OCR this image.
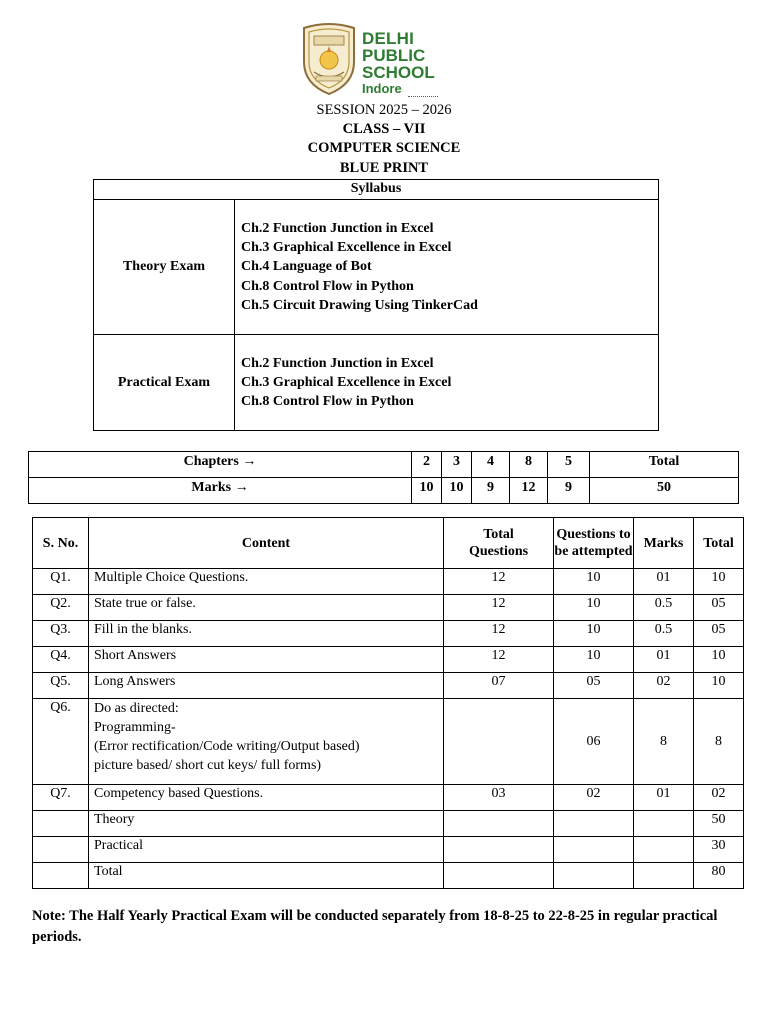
DELHI
PUBLIC
SCHOOL
Indore
SESSION 2025 – 2026
CLASS – VII
COMPUTER SCIENCE
BLUE PRINT
Syllabus	
Theory Exam	Ch.2 Function Junction in Excel
Ch.3 Graphical Excellence in Excel
Ch.4 Language of Bot
Ch.8 Control Flow in Python
Ch.5 Circuit Drawing Using TinkerCad

Practical Exam	Ch.2 Function Junction in Excel
Ch.3 Graphical Excellence in Excel
Ch.8 Control Flow in Python
Chapters →	2	3	4	8	5	Total
Marks →	10	10	9	12	9	50
S. No.	Content	Total Questions	Questions to be attempted	Marks	Total
Q1.	Multiple Choice Questions.	12	10	01	10
Q2.	State true or false.	12	10	0.5	05
Q3.	Fill in the blanks.	12	10	0.5	05
Q4.	Short Answers	12	10	01	10
Q5.	Long Answers	07	05	02	10
Q6.	Do as directed:
Programming-
(Error rectification/Code writing/Output based)
picture based/ short cut keys/ full forms)		06	8	8
Q7.	Competency based Questions.	03	02	01	02
	Theory				50
	Practical				30
	Total				80
Note: The Half Yearly Practical Exam will be conducted separately from 18-8-25 to 22-8-25 in regular practical periods.
